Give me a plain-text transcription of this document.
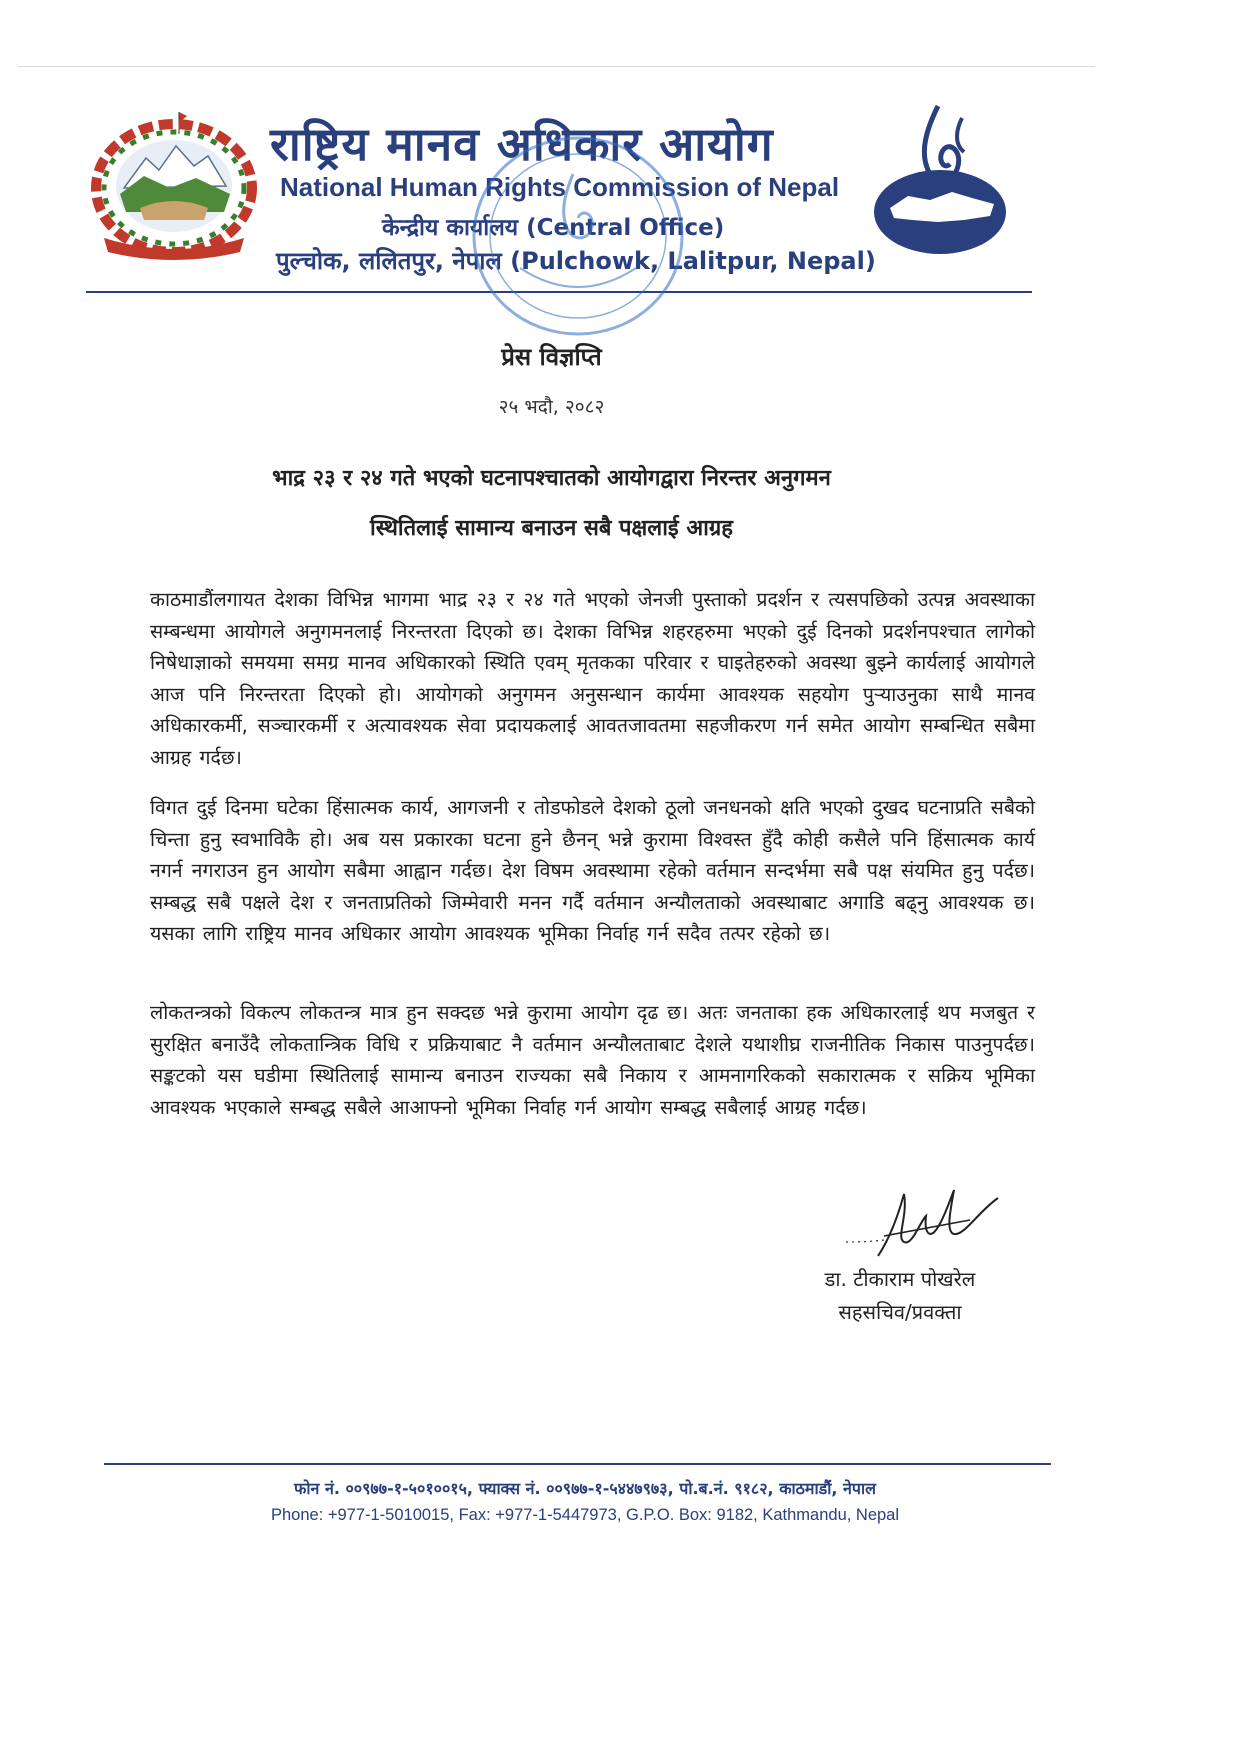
राष्ट्रिय मानव अधिकार आयोग
National Human Rights Commission of Nepal
केन्द्रीय कार्यालय (Central Office)
पुल्चोक, ललितपुर, नेपाल (Pulchowk, Lalitpur, Nepal)
प्रेस विज्ञप्ति
२५ भदौ, २०८२
भाद्र २३ र २४ गते भएको घटनापश्चातको आयोगद्वारा निरन्तर अनुगमन
स्थितिलाई सामान्य बनाउन सबै पक्षलाई आग्रह
काठमाडौंलगायत देशका विभिन्न भागमा भाद्र २३ र २४ गते भएको जेनजी पुस्ताको प्रदर्शन र त्यसपछिको उत्पन्न अवस्थाका सम्बन्धमा आयोगले अनुगमनलाई निरन्तरता दिएको छ। देशका विभिन्न शहरहरुमा भएको दुई दिनको प्रदर्शनपश्चात लागेको निषेधाज्ञाको समयमा समग्र मानव अधिकारको स्थिति एवम् मृतकका परिवार र घाइतेहरुको अवस्था बुझ्ने कार्यलाई आयोगले आज पनि निरन्तरता दिएको हो। आयोगको अनुगमन अनुसन्धान कार्यमा आवश्यक सहयोग पुऱ्याउनुका साथै मानव अधिकारकर्मी, सञ्चारकर्मी र अत्यावश्यक सेवा प्रदायकलाई आवतजावतमा सहजीकरण गर्न समेत आयोग सम्बन्धित सबैमा आग्रह गर्दछ।
विगत दुई दिनमा घटेका हिंसात्मक कार्य, आगजनी र तोडफोडले देशको ठूलो जनधनको क्षति भएको दुखद घटनाप्रति सबैको चिन्ता हुनु स्वभाविकै हो। अब यस प्रकारका घटना हुने छैनन् भन्ने कुरामा विश्वस्त हुँदै कोही कसैले पनि हिंसात्मक कार्य नगर्न नगराउन हुन आयोग सबैमा आह्वान गर्दछ। देश विषम अवस्थामा रहेको वर्तमान सन्दर्भमा सबै पक्ष संयमित हुनु पर्दछ। सम्बद्ध सबै पक्षले देश र जनताप्रतिको जिम्मेवारी मनन गर्दै वर्तमान अन्यौलताको अवस्थाबाट अगाडि बढ्नु आवश्यक छ। यसका लागि राष्ट्रिय मानव अधिकार आयोग आवश्यक भूमिका निर्वाह गर्न सदैव तत्पर रहेको छ।
लोकतन्त्रको विकल्प लोकतन्त्र मात्र हुन सक्दछ भन्ने कुरामा आयोग दृढ छ। अतः जनताका हक अधिकारलाई थप मजबुत र सुरक्षित बनाउँदै लोकतान्त्रिक विधि र प्रक्रियाबाट नै वर्तमान अन्यौलताबाट देशले यथाशीघ्र राजनीतिक निकास पाउनुपर्दछ। सङ्कटको यस घडीमा स्थितिलाई सामान्य बनाउन राज्यका सबै निकाय र आमनागरिकको सकारात्मक र सक्रिय भूमिका आवश्यक भएकाले सम्बद्ध सबैले आआफ्नो भूमिका निर्वाह गर्न आयोग सम्बद्ध सबैलाई आग्रह गर्दछ।
डा. टीकाराम पोखरेल
सहसचिव/प्रवक्ता
फोन नं. ००९७७-१-५०१००१५, फ्याक्स नं. ००९७७-१-५४४७९७३, पो.ब.नं. ९१८२, काठमाडौं, नेपाल
Phone: +977-1-5010015, Fax: +977-1-5447973, G.P.O. Box: 9182, Kathmandu, Nepal
